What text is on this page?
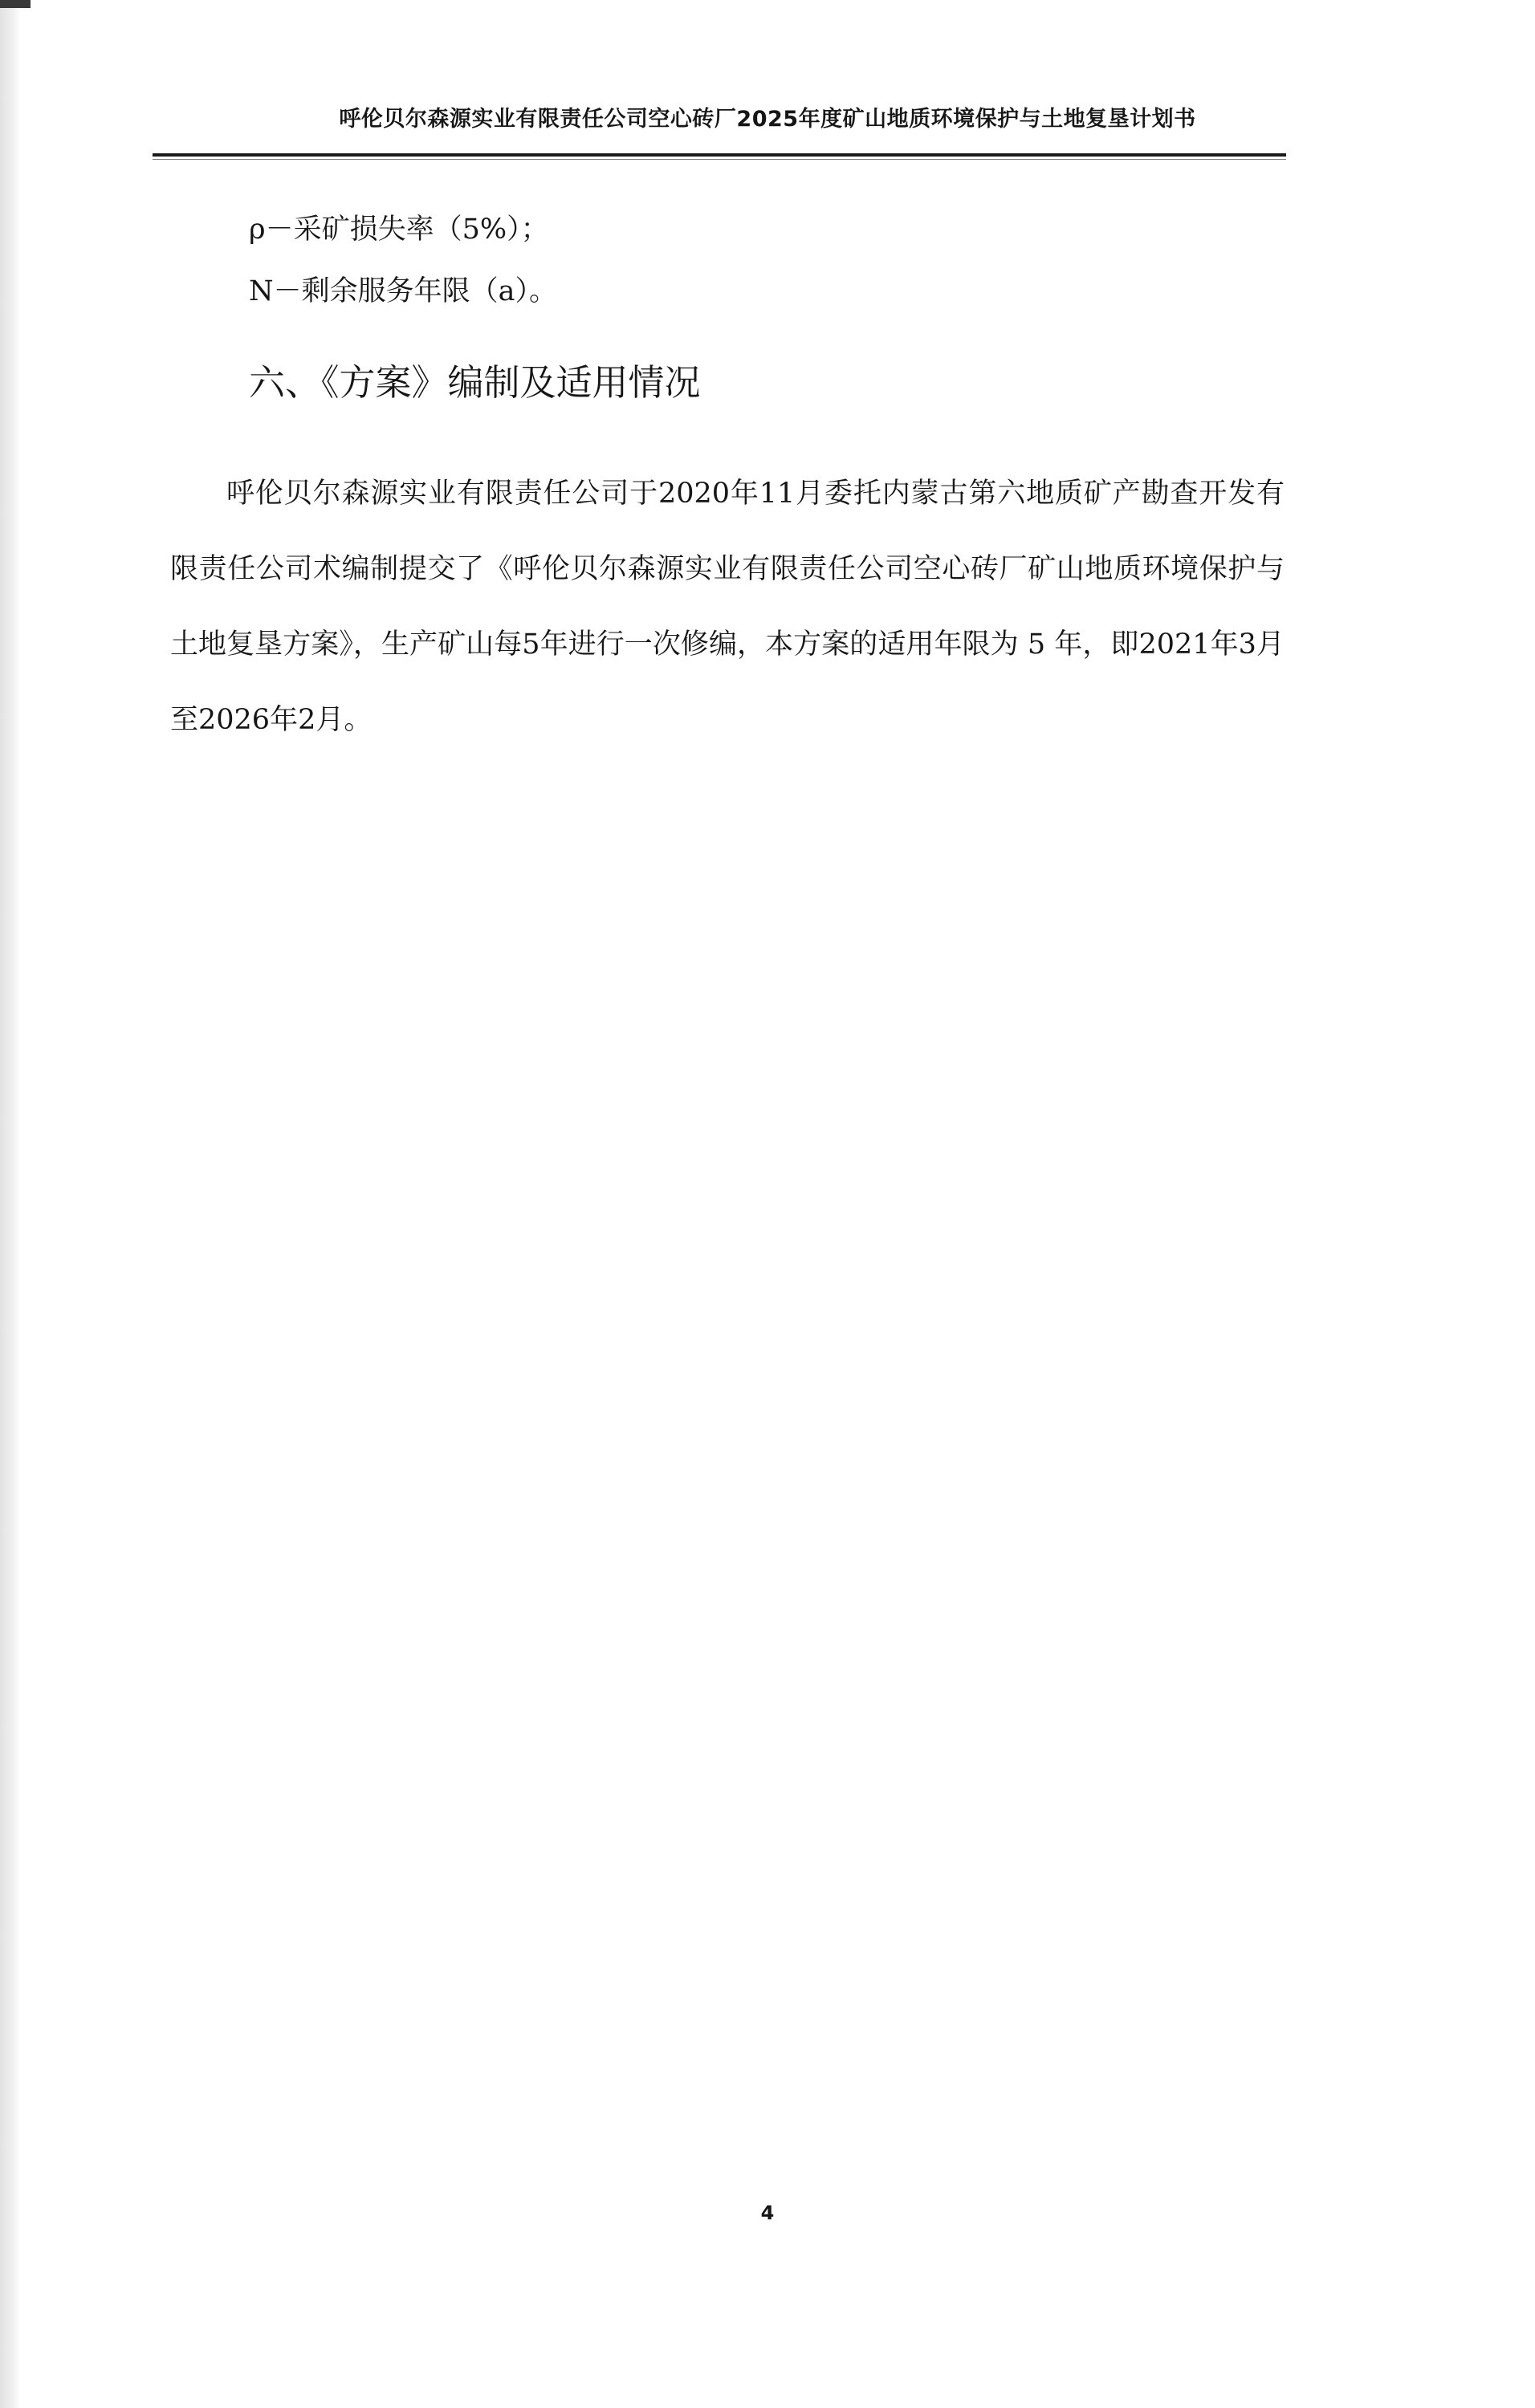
呼伦贝尔森源实业有限责任公司空心砖厂2025年度矿山地质环境保护与土地复垦计划书
ρ－采矿损失率（5%）；
N－剩余服务年限（a）。
六、《方案》编制及适用情况

呼伦贝尔森源实业有限责任公司于2020年11月委托内蒙古第六地质矿产勘查开发有限责任公司术编制提交了《呼伦贝尔森源实业有限责任公司空心砖厂矿山地质环境保护与土地复垦方案》，生产矿山每5年进行一次修编，本方案的适用年限为 5 年，即2021年3月至2026年2月。

4
